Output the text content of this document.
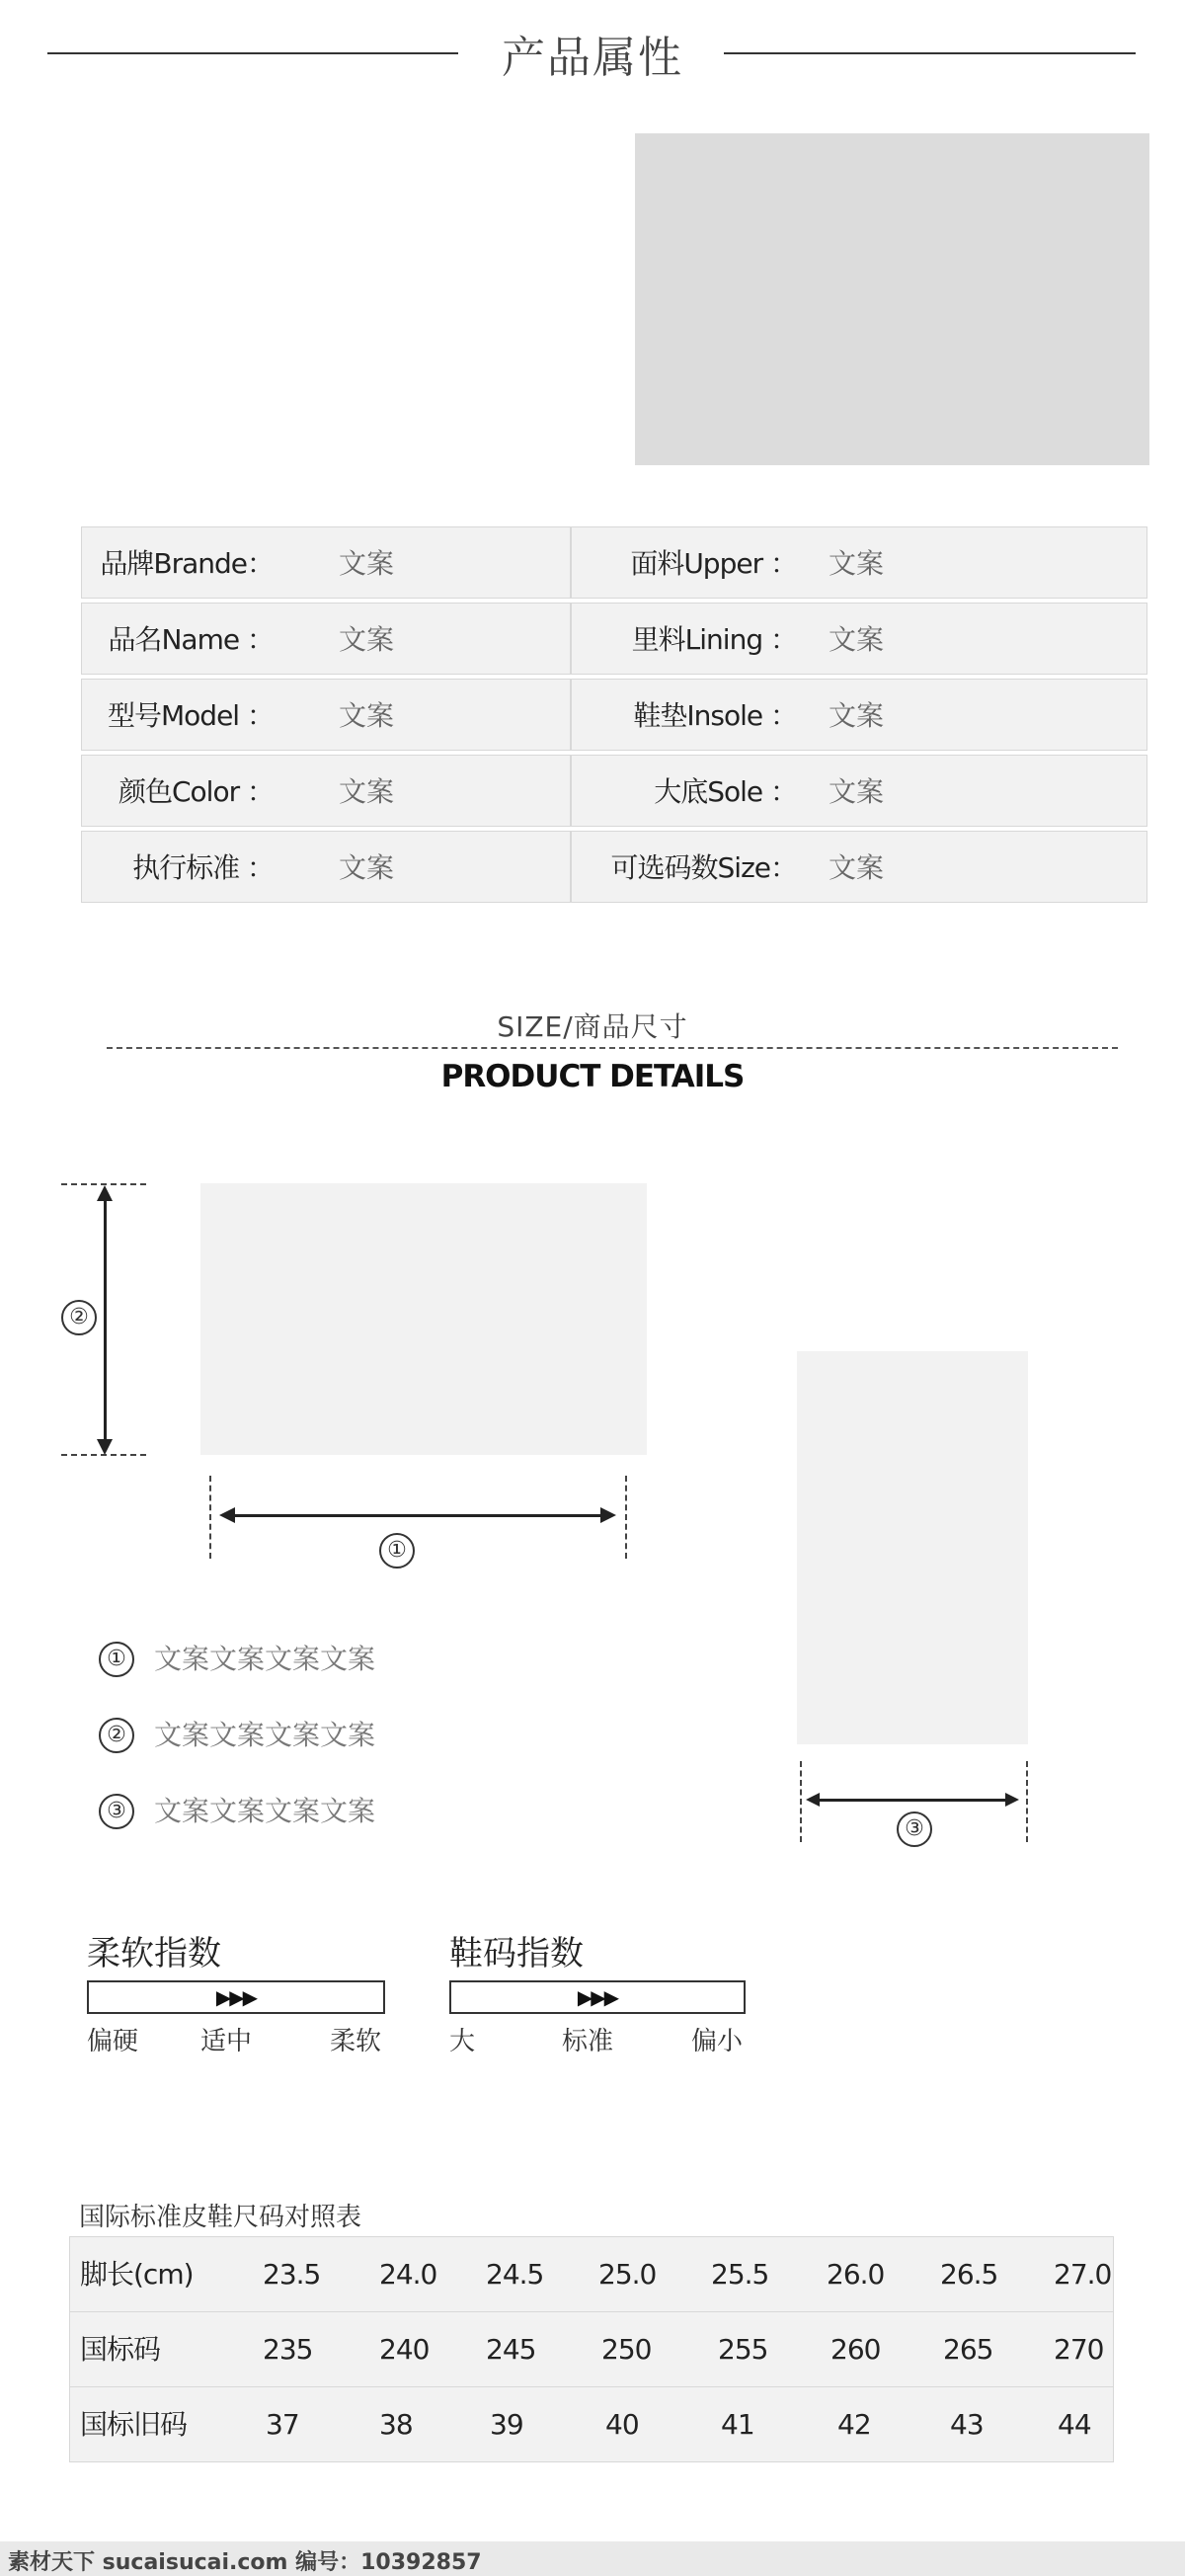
产品属性
品牌Brande： 文案	面料Upper ： 文案
品名Name ： 文案	里料Lining ： 文案
型号Model ： 文案	鞋垫Insole ： 文案
颜色Color ： 文案	大底Sole ： 文案
执行标准 ： 文案	可选码数Size： 文案
SIZE/商品尺寸
PRODUCT DETAILS
②
①
③
① 文案文案文案文案
② 文案文案文案文案
③ 文案文案文案文案
柔软指数
▶▶▶
偏硬 适中	柔软
鞋码指数
▶▶▶
大	标准	偏小
国际标准皮鞋尺码对照表
脚长(cm)	23.5 24.0 24.5 25.0 25.5 26.0 26.5 27.0
国标码	235 240 245 250 255 260 265 270
国标旧码	37	38	39	40	41	42	43	44
素材天下 sucaisucai.com 编号：10392857
